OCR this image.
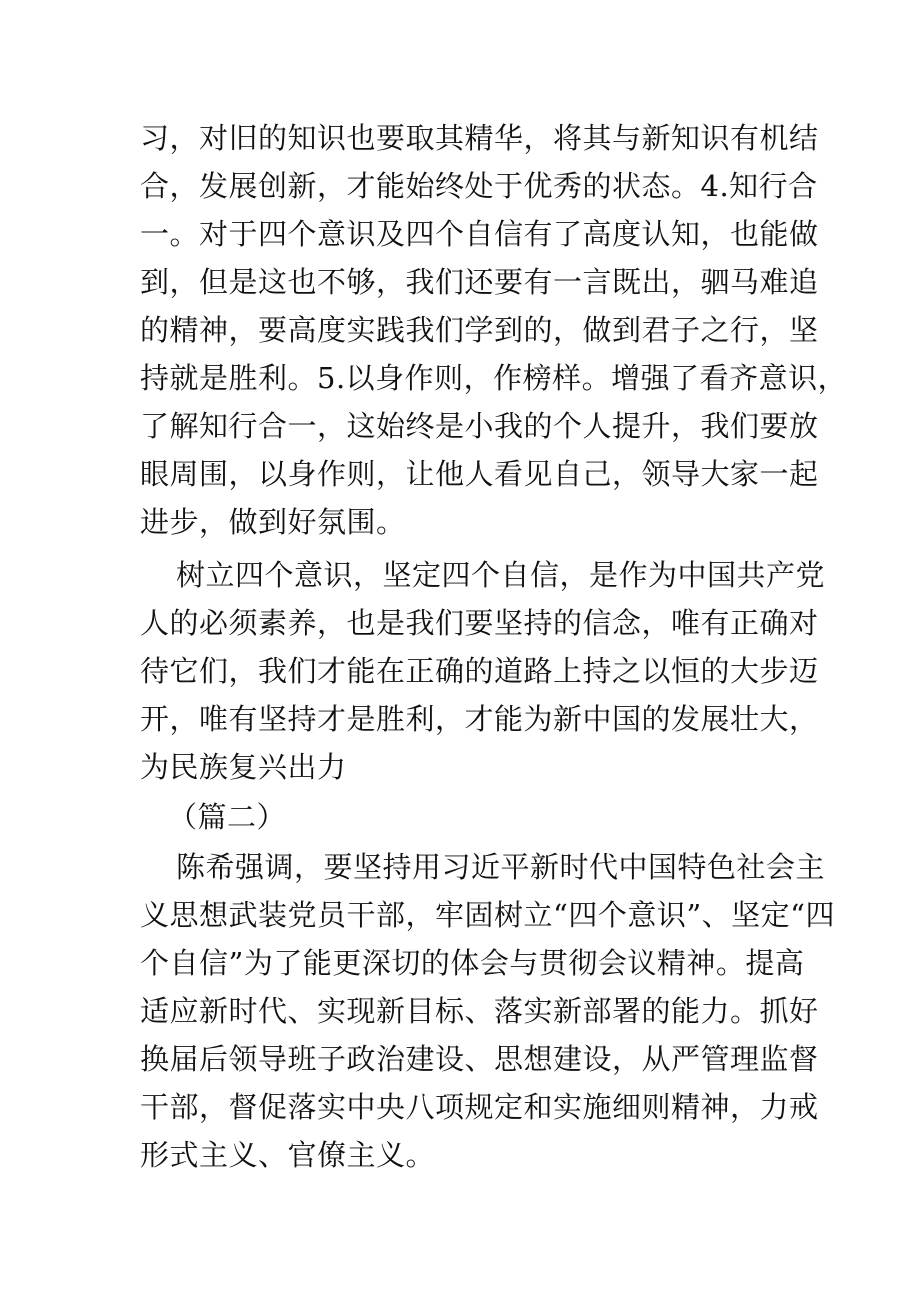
习，对旧的知识也要取其精华，将其与新知识有机结
合，发展创新，才能始终处于优秀的状态。4.知行合
一。对于四个意识及四个自信有了高度认知，也能做
到，但是这也不够，我们还要有一言既出，驷马难追
的精神，要高度实践我们学到的，做到君子之行，坚
持就是胜利。5.以身作则，作榜样。增强了看齐意识，
了解知行合一，这始终是小我的个人提升，我们要放
眼周围，以身作则，让他人看见自己，领导大家一起
进步，做到好氛围。
树立四个意识，坚定四个自信，是作为中国共产党
人的必须素养，也是我们要坚持的信念，唯有正确对
待它们，我们才能在正确的道路上持之以恒的大步迈
开，唯有坚持才是胜利，才能为新中国的发展壮大，
为民族复兴出力
（篇二）
陈希强调，要坚持用习近平新时代中国特色社会主
义思想武装党员干部，牢固树立“四个意识”、坚定“四
个自信”为了能更深切的体会与贯彻会议精神。提高
适应新时代、实现新目标、落实新部署的能力。抓好
换届后领导班子政治建设、思想建设，从严管理监督
干部，督促落实中央八项规定和实施细则精神，力戒
形式主义、官僚主义。
